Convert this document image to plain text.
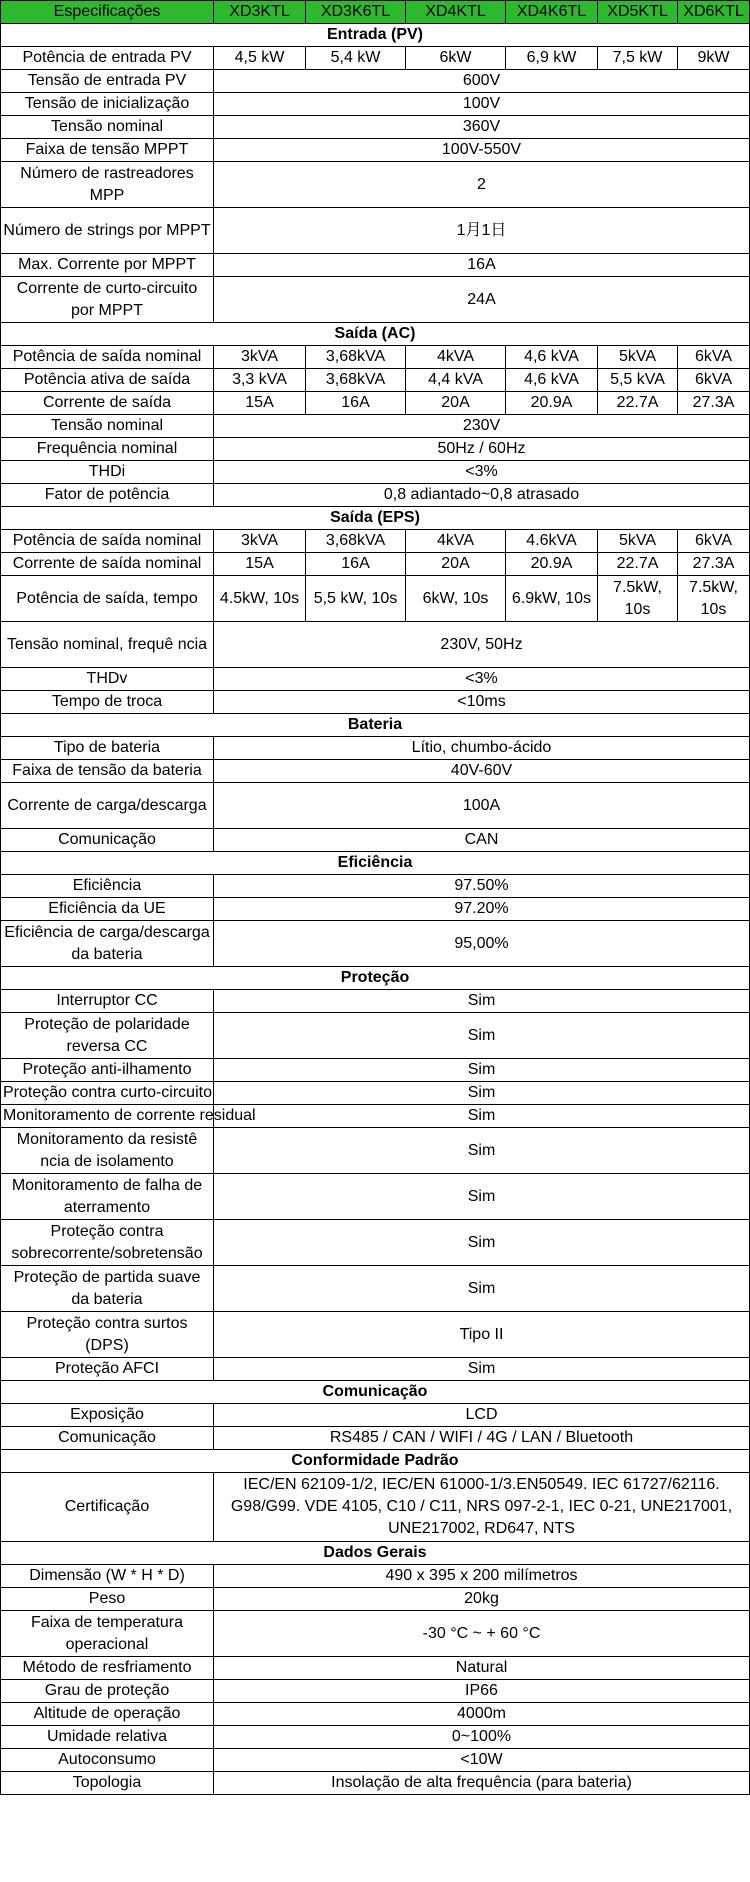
Especificações	XD3KTL	XD3K6TL	XD4KTL	XD4K6TL	XD5KTL	XD6KTL
Entrada (PV)						
Potência de entrada PV	4,5 kW	5,4 kW	6kW	6,9 kW	7,5 kW	9kW
Tensão de entrada PV	600V					
Tensão de inicialização	100V					
Tensão nominal	360V					
Faixa de tensão MPPT	100V-550V					
Número de rastreadores MPP	2					
Número de strings por MPPT	1月1日					
Max. Corrente por MPPT	16A					
Corrente de curto-circuito por MPPT	24A					
Saída (AC)						
Potência de saída nominal	3kVA	3,68kVA	4kVA	4,6 kVA	5kVA	6kVA
Potência ativa de saída	3,3 kVA	3,68kVA	4,4 kVA	4,6 kVA	5,5 kVA	6kVA
Corrente de saída	15A	16A	20A	20.9A	22.7A	27.3A
Tensão nominal	230V					
Frequência nominal	50Hz / 60Hz					
THDi	<3%					
Fator de potência	0,8 adiantado~0,8 atrasado					
Saída (EPS)						
Potência de saída nominal	3kVA	3,68kVA	4kVA	4.6kVA	5kVA	6kVA
Corrente de saída nominal	15A	16A	20A	20.9A	22.7A	27.3A
Potência de saída, tempo	4.5kW, 10s	5,5 kW, 10s	6kW, 10s	6.9kW, 10s	7.5kW, 10s	7.5kW, 10s
Tensão nominal, frequê ncia	230V, 50Hz					
THDv	<3%					
Tempo de troca	<10ms					
Bateria						
Tipo de bateria	Lítio, chumbo-ácido					
Faixa de tensão da bateria	40V-60V					
Corrente de carga/descarga	100A					
Comunicação	CAN					
Eficiência						
Eficiência	97.50%					
Eficiência da UE	97.20%					
Eficiência de carga/descarga da bateria	95,00%					
Proteção						
Interruptor CC	Sim					
Proteção de polaridade reversa CC	Sim					
Proteção anti-ilhamento	Sim					
Proteção contra curto-circuito	Sim					
Monitoramento de corrente residual	Sim					
Monitoramento da resistê ncia de isolamento	Sim					
Monitoramento de falha de aterramento	Sim					
Proteção contra sobrecorrente/sobretensão	Sim					
Proteção de partida suave da bateria	Sim					
Proteção contra surtos (DPS)	Tipo II					
Proteção AFCI	Sim					
Comunicação						
Exposição	LCD					
Comunicação	RS485 / CAN / WIFI / 4G / LAN / Bluetooth					
Conformidade Padrão						
Certificação	IEC/EN 62109-1/2, IEC/EN 61000-1/3.EN50549. IEC 61727/62116. G98/G99. VDE 4105, C10 / C11, NRS 097-2-1, IEC 0-21, UNE217001, UNE217002, RD647, NTS					
Dados Gerais						
Dimensão (W * H * D)	490 x 395 x 200 milímetros					
Peso	20kg					
Faixa de temperatura operacional	-30 °C ~ + 60 °C					
Método de resfriamento	Natural					
Grau de proteção	IP66					
Altitude de operação	4000m					
Umidade relativa	0~100%					
Autoconsumo	<10W					
Topologia	Insolação de alta frequência (para bateria)					
